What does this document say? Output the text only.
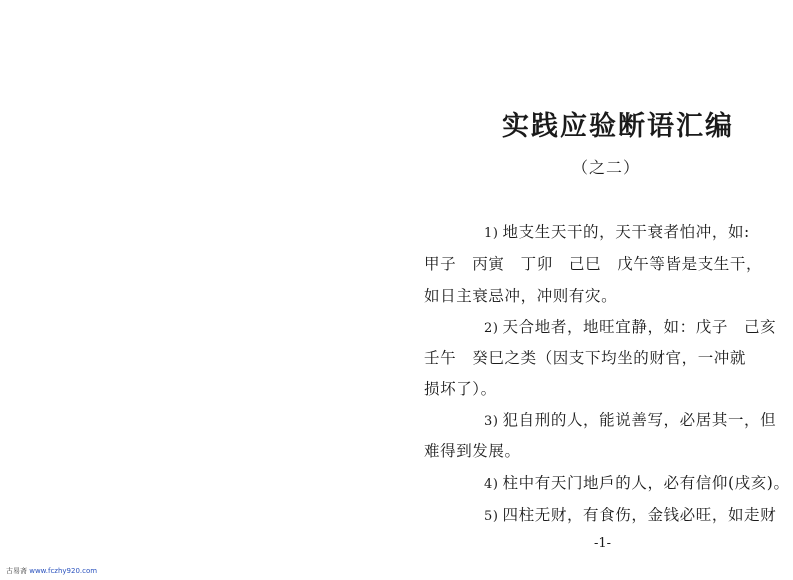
实践应验断语汇编
（之二）
1) 地支生天干的，天干衰者怕冲，如:
甲子　丙寅　丁卯　己巳　戊午等皆是支生干，
如日主衰忌冲，冲则有灾。
2) 天合地者，地旺宜静，如：戊子　己亥
壬午　癸巳之类（因支下均坐的财官，一冲就
损坏了）。
3) 犯自刑的人，能说善写，必居其一，但
难得到发展。
4) 柱中有天门地戶的人，必有信仰(戌亥)。
5) 四柱无财，有食伤，金钱必旺，如走财
-1-
古易斋 www.fczhy920.com
